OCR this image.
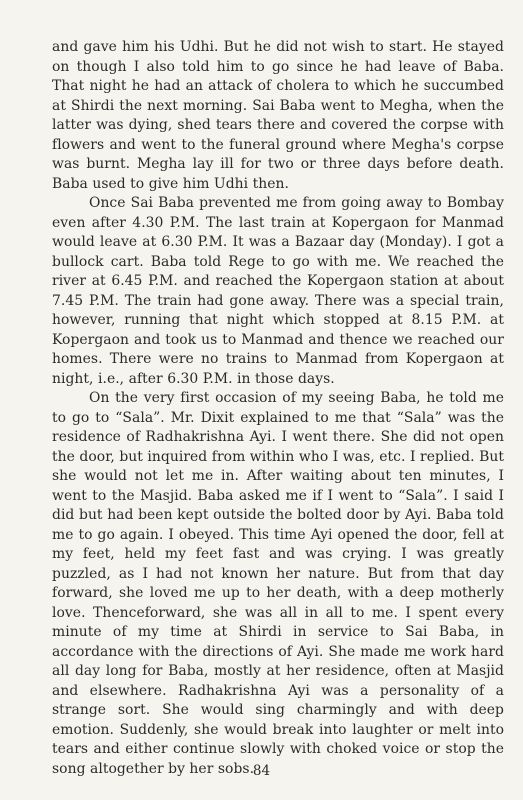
and gave him his Udhi. But he did not wish to start. He stayed on though I also told him to go since he had leave of Baba. That night he had an attack of cholera to which he succumbed at Shirdi the next morning. Sai Baba went to Megha, when the latter was dying, shed tears there and covered the corpse with flowers and went to the funeral ground where Megha's corpse was burnt. Megha lay ill for two or three days before death. Baba used to give him Udhi then.

Once Sai Baba prevented me from going away to Bombay even after 4.30 P.M. The last train at Kopergaon for Manmad would leave at 6.30 P.M. It was a Bazaar day (Monday). I got a bullock cart. Baba told Rege to go with me. We reached the river at 6.45 P.M. and reached the Kopergaon station at about 7.45 P.M. The train had gone away. There was a special train, however, running that night which stopped at 8.15 P.M. at Kopergaon and took us to Manmad and thence we reached our homes. There were no trains to Manmad from Kopergaon at night, i.e., after 6.30 P.M. in those days.

On the very first occasion of my seeing Baba, he told me to go to “Sala”. Mr. Dixit explained to me that “Sala” was the residence of Radhakrishna Ayi. I went there. She did not open the door, but inquired from within who I was, etc. I replied. But she would not let me in. After waiting about ten minutes, I went to the Masjid. Baba asked me if I went to “Sala”. I said I did but had been kept outside the bolted door by Ayi. Baba told me to go again. I obeyed. This time Ayi opened the door, fell at my feet, held my feet fast and was crying. I was greatly puzzled, as I had not known her nature. But from that day forward, she loved me up to her death, with a deep motherly love. Thenceforward, she was all in all to me. I spent every minute of my time at Shirdi in service to Sai Baba, in accordance with the directions of Ayi. She made me work hard all day long for Baba, mostly at her residence, often at Masjid and elsewhere. Radhakrishna Ayi was a personality of a strange sort. She would sing charmingly and with deep emotion. Suddenly, she would break into laughter or melt into tears and either continue slowly with choked voice or stop the song altogether by her sobs.

84
